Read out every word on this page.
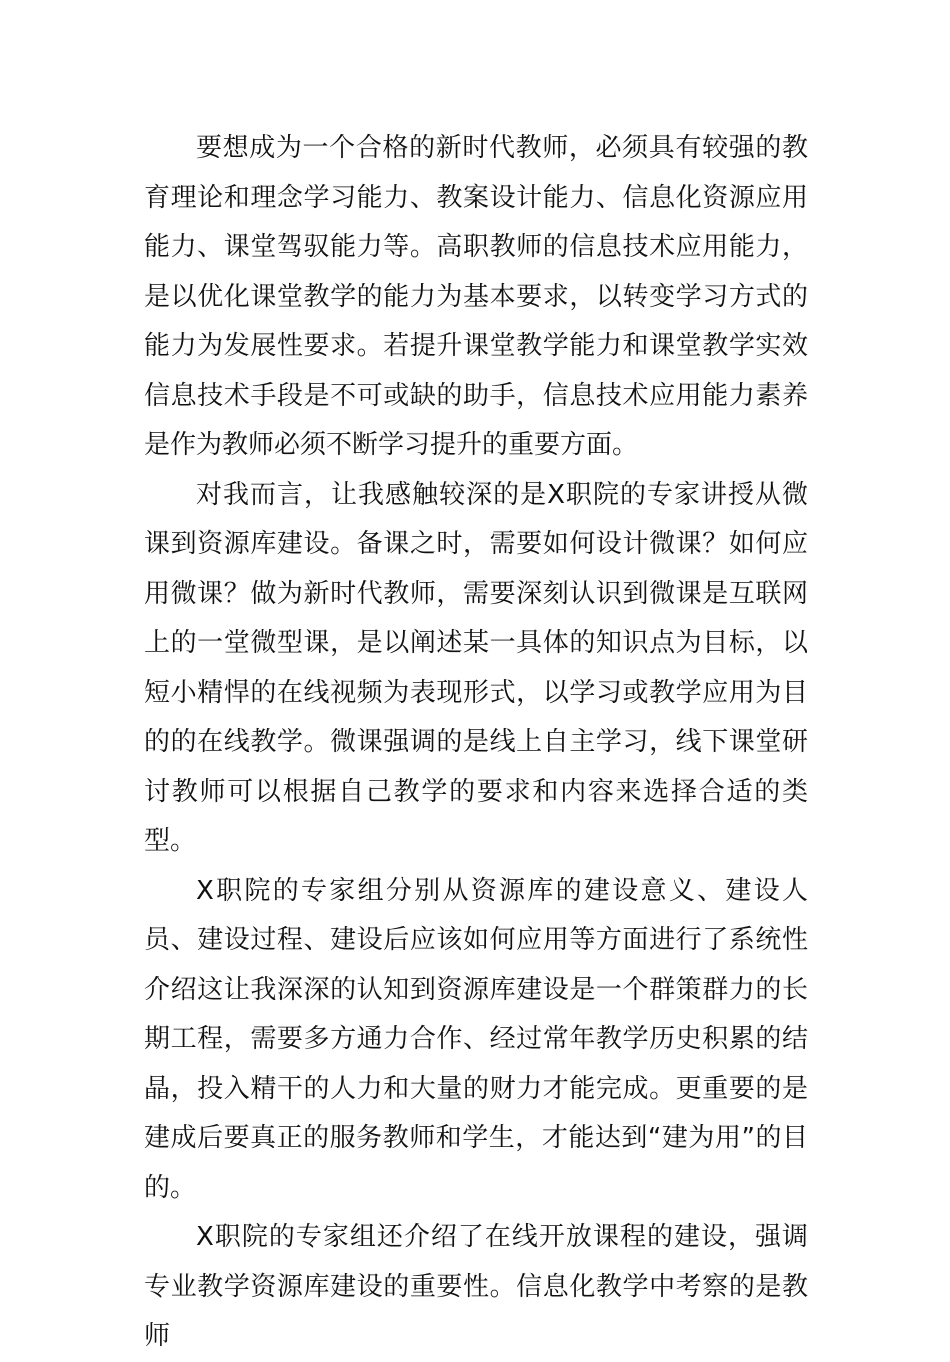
要想成为一个合格的新时代教师，必须具有较强的教育理论和理念学习能力、教案设计能力、信息化资源应用能力、课堂驾驭能力等。高职教师的信息技术应用能力，是以优化课堂教学的能力为基本要求，以转变学习方式的能力为发展性要求。若提升课堂教学能力和课堂教学实效信息技术手段是不可或缺的助手，信息技术应用能力素养是作为教师必须不断学习提升的重要方面。

对我而言，让我感触较深的是X职院的专家讲授从微课到资源库建设。备课之时，需要如何设计微课？如何应用微课？做为新时代教师，需要深刻认识到微课是互联网上的一堂微型课，是以阐述某一具体的知识点为目标，以短小精悍的在线视频为表现形式，以学习或教学应用为目的的在线教学。微课强调的是线上自主学习，线下课堂研讨教师可以根据自己教学的要求和内容来选择合适的类型。

X职院的专家组分别从资源库的建设意义、建设人员、建设过程、建设后应该如何应用等方面进行了系统性介绍这让我深深的认知到资源库建设是一个群策群力的长期工程，需要多方通力合作、经过常年教学历史积累的结晶，投入精干的人力和大量的财力才能完成。更重要的是建成后要真正的服务教师和学生，才能达到“建为用”的目的。

X职院的专家组还介绍了在线开放课程的建设，强调专业教学资源库建设的重要性。信息化教学中考察的是教师
